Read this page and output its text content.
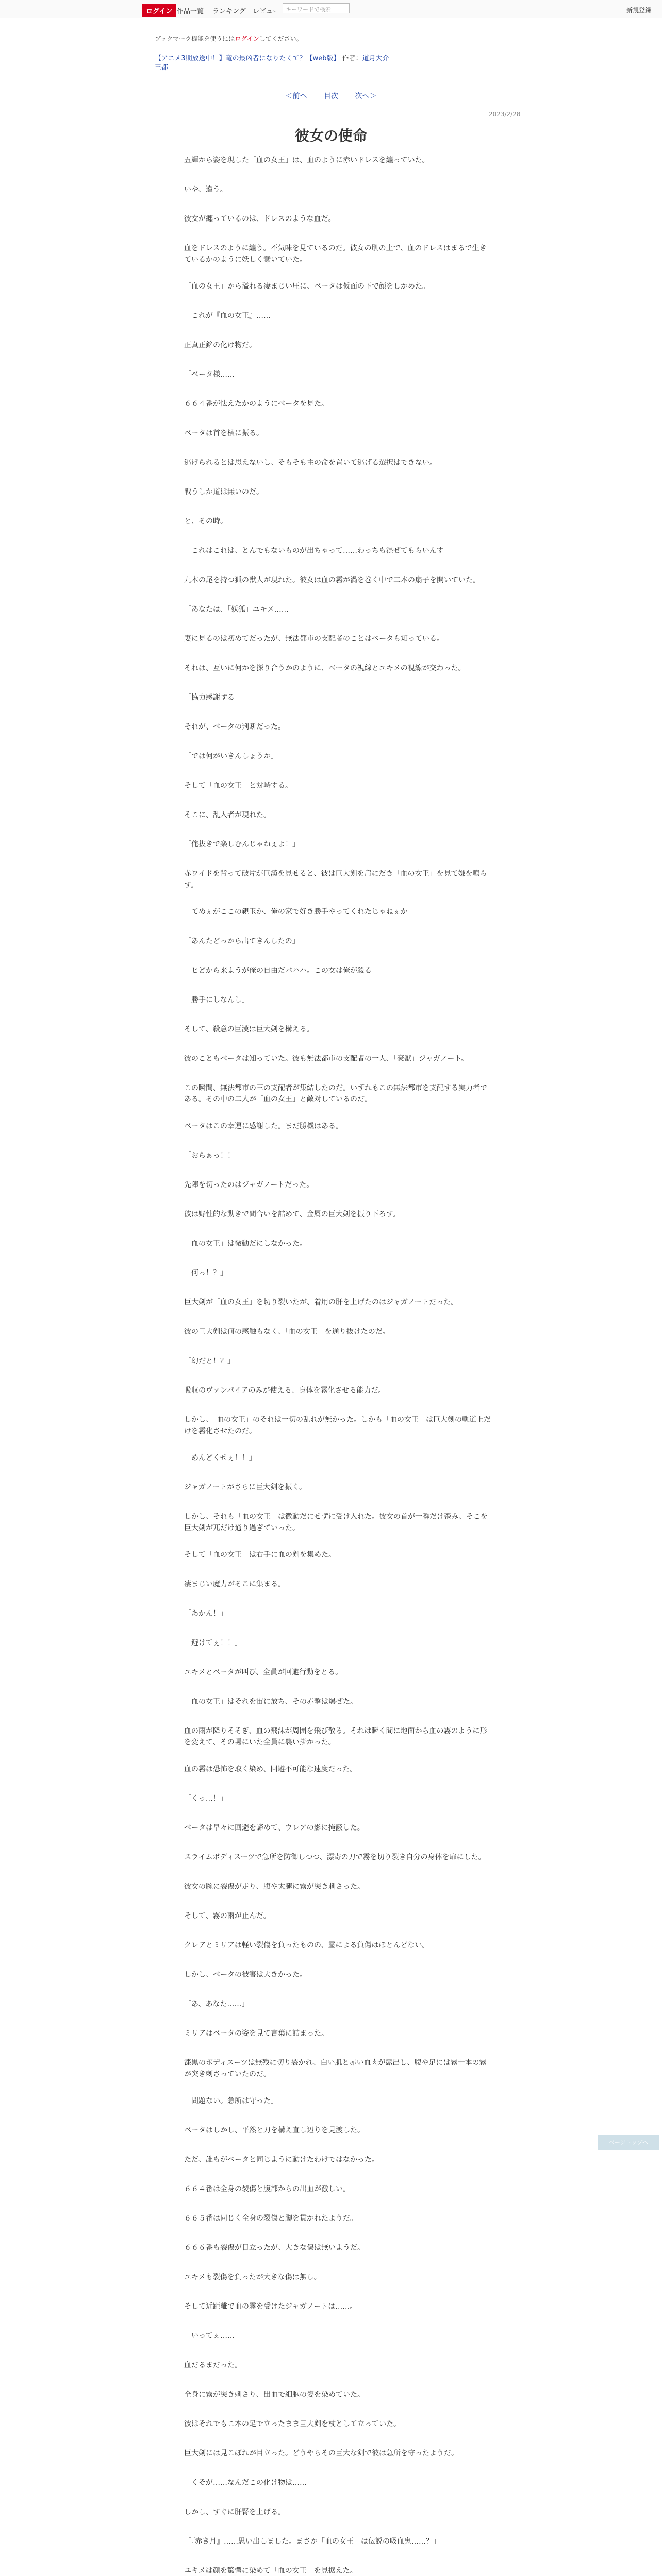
ログイン 作品一覧 ランキング レビュー	キーワードで検索	新規登録
ブックマーク機能を使うにはログインしてください。
【アニメ3期放送中！】竜の最凶者になりたくて？【web版】 作者：道月大介
王都
＜前へ 目次 次へ＞
2023/2/28
彼女の使命

五輝から姿を現した「血の女王」は、血のように赤いドレスを纏っていた。

いや、違う。

彼女が纏っているのは、ドレスのような血だ。

血をドレスのように纏う。不気味を見ているのだ。彼女の肌の上で、血のドレスはまるで生きているかのように妖しく蠢いていた。

「血の女王」から溢れる凄まじい圧に、ベータは仮面の下で顔をしかめた。

「これが『血の女王』……」

正真正銘の化け物だ。

「ベータ様……」

６６４番が怯えたかのようにベータを見た。

ベータは首を横に振る。

逃げられるとは思えないし、そもそも主の命を置いて逃げる選択はできない。

戦うしか道は無いのだ。

と、その時。

「これはこれは、とんでもないものが出ちゃって……わっちも混ぜてもらいんす」

九本の尾を持つ狐の獣人が現れた。彼女は血の霧が渦を巻く中で二本の扇子を開いていた。

「あなたは、「妖狐」ユキメ……」

妻に見るのは初めてだったが、無法都市の支配者のことはベータも知っている。

それは、互いに何かを探り合うかのように、ベータの視線とユキメの視線が交わった。

「協力感謝する」

それが、ベータの判断だった。

「では何がいきんしょうか」

そして「血の女王」と対峙する。

そこに、乱入者が現れた。

「俺抜きで楽しむんじゃねぇよ！」

赤ワイドを背って破片が巨漢を見せると、彼は巨大剣を肩にだき「血の女王」を見て嫌を鳴らす。

「てめぇがここの親玉か、俺の家で好き勝手やってくれたじゃねぇか」

「あんたどっから出てきんしたの」

「ヒどから来ようが俺の自由だバハハ。この女は俺が殺る」

「勝手にしなんし」

そして、殺意の巨漢は巨大剣を構える。

彼のこともベータは知っていた。彼も無法都市の支配者の一人、「豪獣」ジャガノート。

この瞬間、無法都市の三の支配者が集結したのだ。いずれもこの無法都市を支配する実力者である。その中の二人が「血の女王」と敵対しているのだ。

ベータはこの幸運に感謝した。まだ勝機はある。

「おらぁっ！！」

先陣を切ったのはジャガノートだった。

彼は野性的な動きで間合いを詰めて、金属の巨大剣を振り下ろす。

「血の女王」は微動だにしなかった。

「何っ！？」

巨大剣が「血の女王」を切り裂いたが、着用の肝を上げたのはジャガノートだった。

彼の巨大剣は何の感触もなく、「血の女王」を通り抜けたのだ。

「幻だと！？」

吸収のヴァンパイアのみが使える、身体を霧化させる能力だ。

しかし、「血の女王」のそれは一切の乱れが無かった。しかも「血の女王」は巨大剣の軌道上だけを霧化させたのだ。

「めんどくせぇ！！」

ジャガノートがさらに巨大剣を振く。

しかし、それも「血の女王」は微動だにせずに受け入れた。彼女の首が一瞬だけ歪み、そこを巨大剣が兀だけ通り過ぎていった。

そして「血の女王」は右手に血の剣を集めた。

凄まじい魔力がそこに集まる。

「あかん！」

「避けてぇ！！」

ユキメとベータが叫び、全員が回避行動をとる。

「血の女王」はそれを宙に放ち、その赤撃は爆ぜた。

血の雨が降りそそぎ、血の飛沫が周囲を飛び散る。それは瞬く間に地面から血の霧のように形を変えて、その場にいた全員に襲い掛かった。

血の霧は恐怖を取く染め、回避不可能な速度だった。

「くっ…！」

ベータは早々に回避を諦めて、ウレアの影に掩蔽した。

スライムボディスーツで急所を防御しつつ、漂寄の刀で霧を切り裂き自分の身体を扉にした。

彼女の腕に裂傷が走り、腹や太腿に霧が突き刺さった。

そして、霧の雨が止んだ。

クレアとミリアは軽い裂傷を負ったものの、霊による負傷はほとんどない。

しかし、ベータの被害は大きかった。

「あ、あなた……」

ミリアはベータの姿を見て言葉に詰まった。

漆黒のボディスーツは無残に切り裂かれ、白い肌と赤い血肉が露出し、腹や足には霧十本の霧が突き刺さっていたのだ。

「問題ない。急所は守った」

ベータはしかし、平然と刀を構え直し辺りを見渡した。

ただ、誰もがベータと同じように動けたわけではなかった。

６６４番は全身の裂傷と腹部からの出血が激しい。

６６５番は同じく全身の裂傷と脚を貫かれたようだ。

６６６番も裂傷が目立ったが、大きな傷は無いようだ。

ユキメも裂傷を負ったが大きな傷は無し。

そして近距離で血の霧を受けたジャガノートは……。

「いってぇ……」

血だるまだった。

全身に霧が突き刺さり、出血で細胞の姿を染めていた。

彼はそれでもこ本の足で立ったまま巨大剣を杖として立っていた。

巨大剣には見こぼれが目立った。どうやらその巨大な剣で彼は急所を守ったようだ。

「くそが……なんだこの化け物は……」

しかし、すぐに肝腎を上げる。

「『赤き月』……思い出しました。まさか「血の女王」は伝説の吸血鬼……？」

ユキメは顔を驚愕に染めて「血の女王」を見据えた。

ページトップへ
